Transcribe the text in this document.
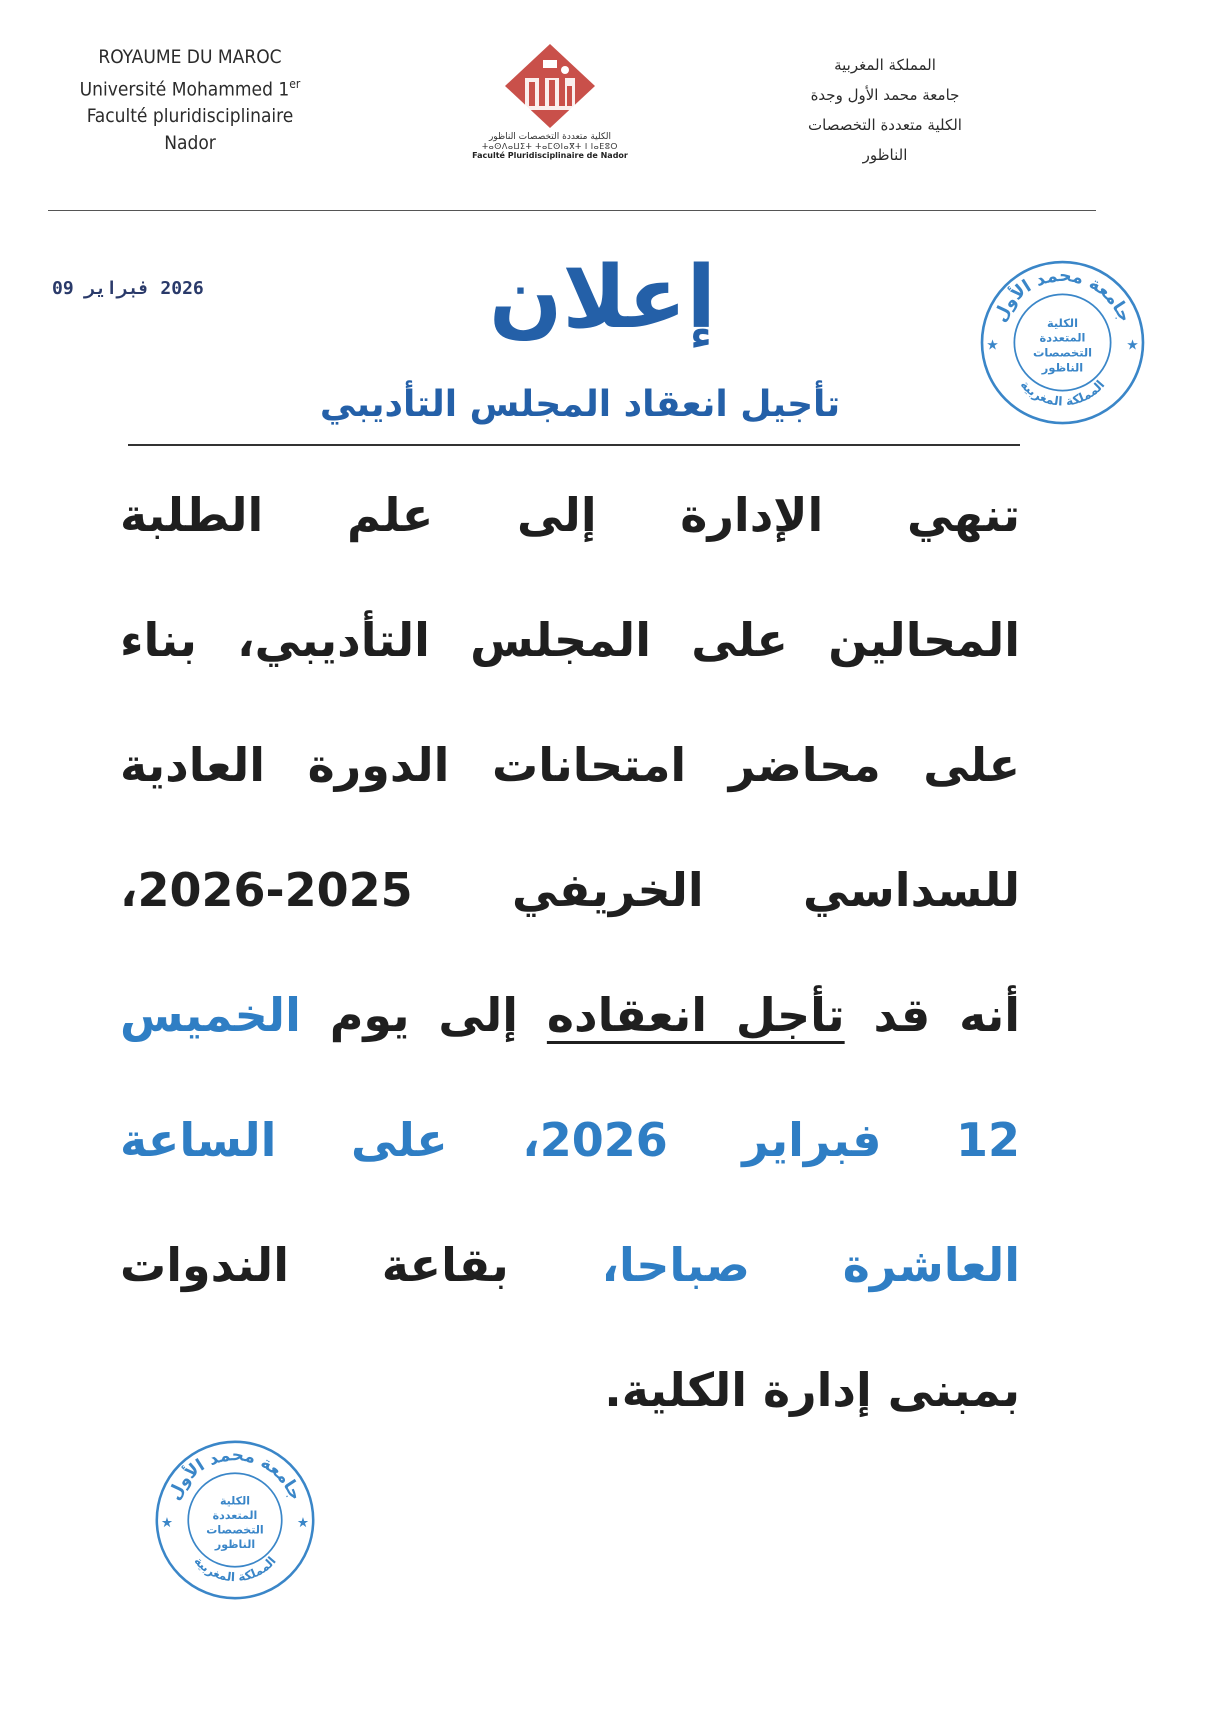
ROYAUME DU MAROC
Université Mohammed 1er
Faculté pluridisciplinaire
Nador	الكلية متعددة التخصصات الناظور
ⵜⴰⵙⴷⴰⵡⵉⵜ ⵜⴰⵎⵙⵏⴰⴳⵜ ⵏ ⵏⴰⴹⵓⵔ
Faculté Pluridisciplinaire de Nador
المملكة المغربية
جامعة محمد الأول وجدة
الكلية متعددة التخصصات
الناظور
2026 فبراير 09	إعلان
تأجيل انعقاد المجلس التأديبي
جامعة محمد الأول
المملكة المغربية
الكلية
المتعددة
التخصصات
الناظور
★	★
تنهي الإدارة إلى علم الطلبة
المحالين على المجلس التأديبي، بناء
على محاضر امتحانات الدورة العادية
للسداسي الخريفي 2025-2026،
أنه قد تأجل انعقاده إلى يوم الخميس
12 فبراير 2026، على الساعة
العاشرة صباحا، بقاعة الندوات
بمبنى إدارة الكلية.
جامعة محمد الأول
المملكة المغربية
الكلية
المتعددة
التخصصات
الناظور
★	★
